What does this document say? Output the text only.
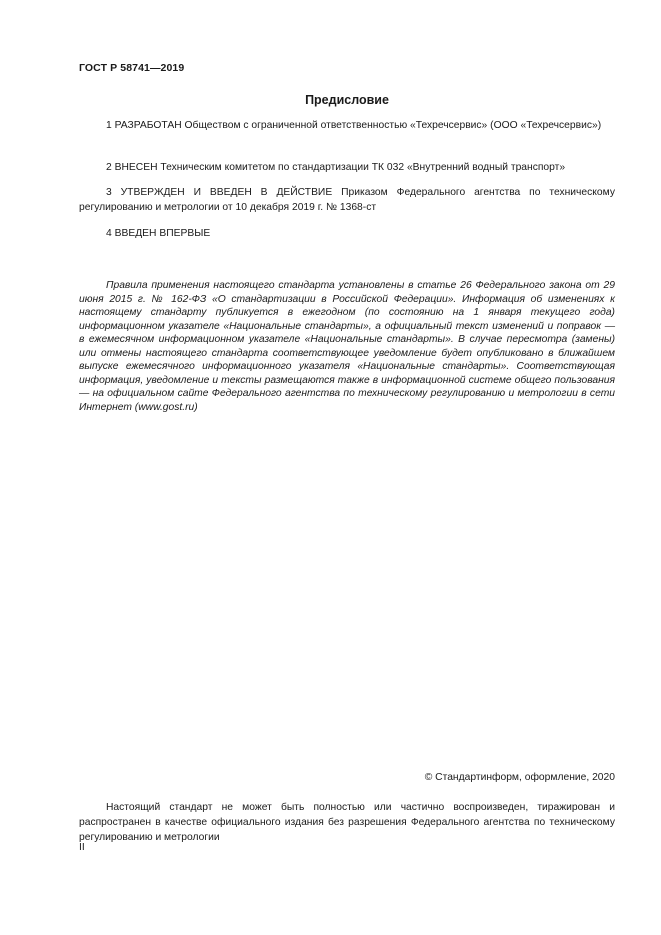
ГОСТ Р 58741—2019
Предисловие

1 РАЗРАБОТАН Обществом с ограниченной ответственностью «Техречсервис» (ООО «Техречсервис»)

2 ВНЕСЕН Техническим комитетом по стандартизации ТК 032 «Внутренний водный транспорт»

3 УТВЕРЖДЕН И ВВЕДЕН В ДЕЙСТВИЕ Приказом Федерального агентства по техническому регулированию и метрологии от 10 декабря 2019 г. № 1368-ст

4 ВВЕДЕН ВПЕРВЫЕ

Правила применения настоящего стандарта установлены в статье 26 Федерального закона от 29 июня 2015 г. № 162-ФЗ «О стандартизации в Российской Федерации». Информация об изменениях к настоящему стандарту публикуется в ежегодном (по состоянию на 1 января текущего года) информационном указателе «Национальные стандарты», а официальный текст изменений и поправок — в ежемесячном информационном указателе «Национальные стандарты». В случае пересмотра (замены) или отмены настоящего стандарта соответствующее уведомление будет опубликовано в ближайшем выпуске ежемесячного информационного указателя «Национальные стандарты». Соответствующая информация, уведомление и тексты размещаются также в информационной системе общего пользования — на официальном сайте Федерального агентства по техническому регулированию и метрологии в сети Интернет (www.gost.ru)

© Стандартинформ, оформление, 2020

Настоящий стандарт не может быть полностью или частично воспроизведен, тиражирован и распространен в качестве официального издания без разрешения Федерального агентства по техническому регулированию и метрологии

II
